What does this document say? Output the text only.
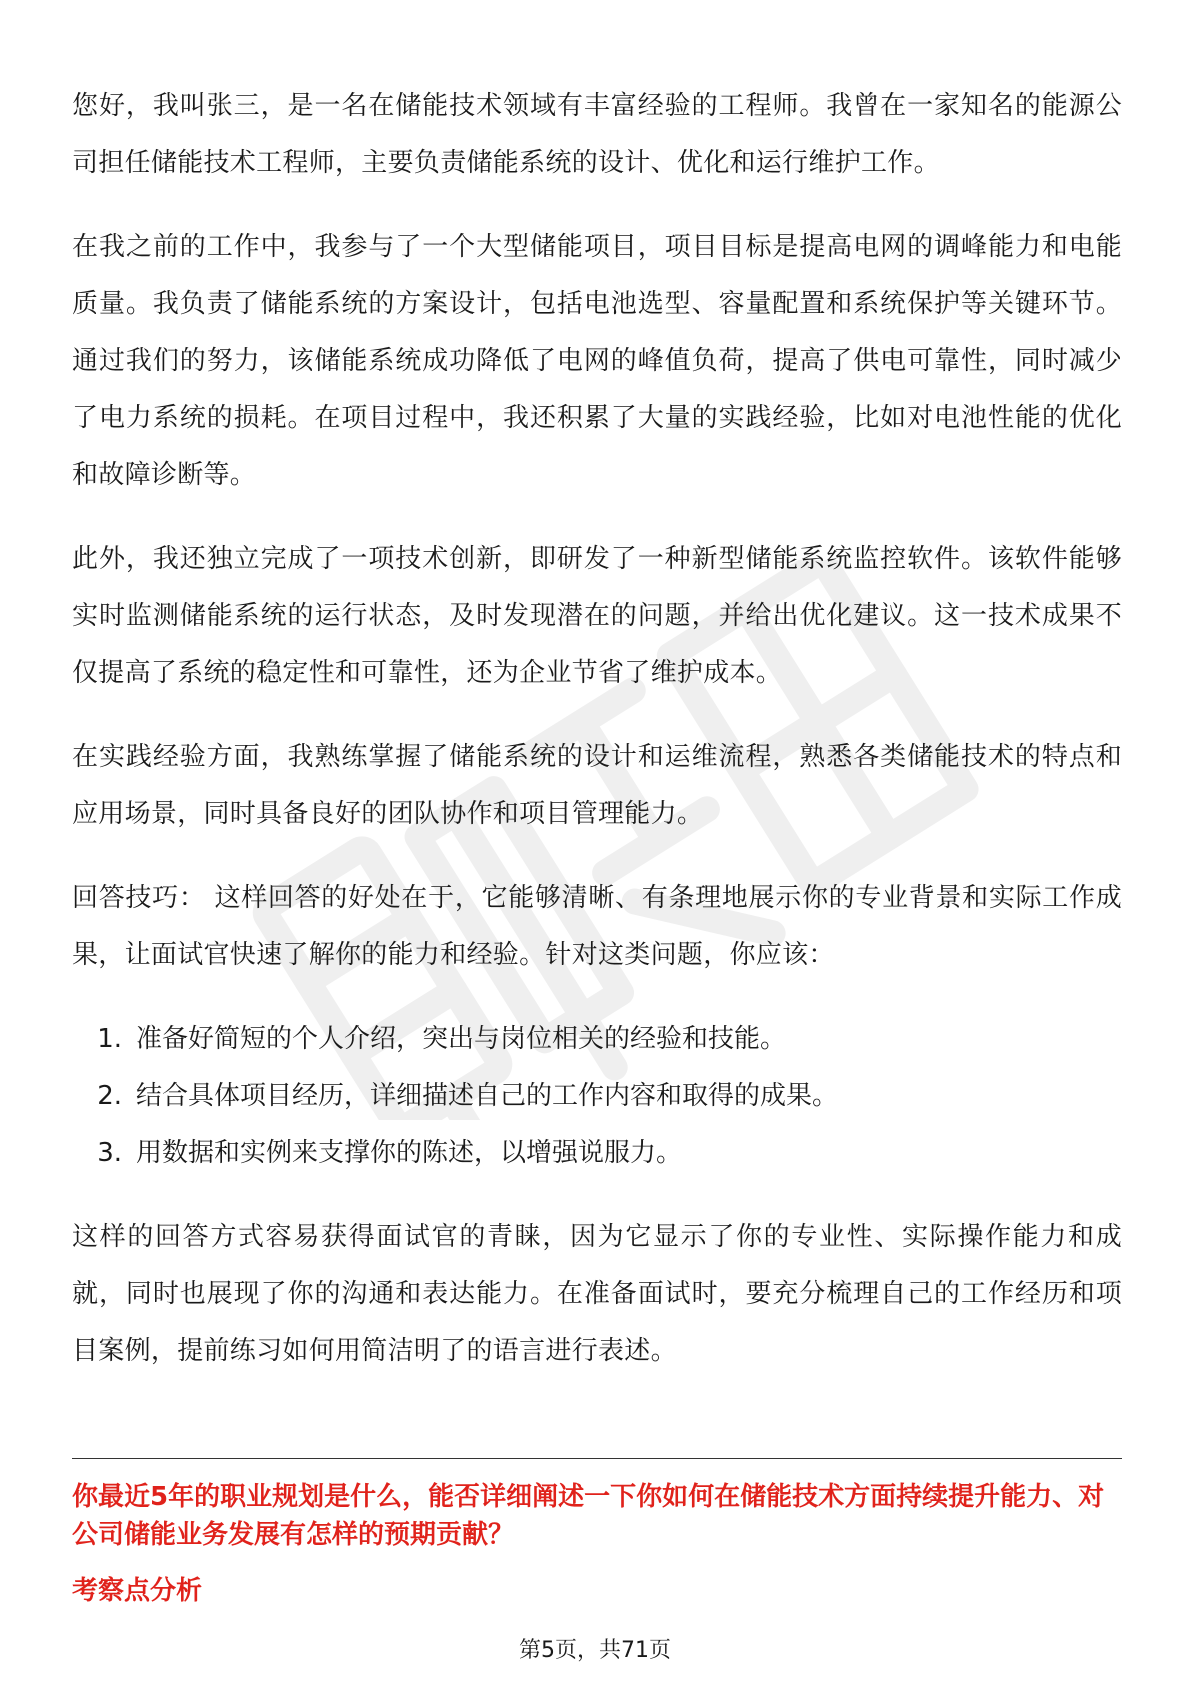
您好，我叫张三，是一名在储能技术领域有丰富经验的工程师。我曾在一家知名的能源公司担任储能技术工程师，主要负责储能系统的设计、优化和运行维护工作。

在我之前的工作中，我参与了一个大型储能项目，项目目标是提高电网的调峰能力和电能质量。我负责了储能系统的方案设计，包括电池选型、容量配置和系统保护等关键环节。通过我们的努力，该储能系统成功降低了电网的峰值负荷，提高了供电可靠性，同时减少了电力系统的损耗。在项目过程中，我还积累了大量的实践经验，比如对电池性能的优化和故障诊断等。

此外，我还独立完成了一项技术创新，即研发了一种新型储能系统监控软件。该软件能够实时监测储能系统的运行状态，及时发现潜在的问题，并给出优化建议。这一技术成果不仅提高了系统的稳定性和可靠性，还为企业节省了维护成本。

在实践经验方面，我熟练掌握了储能系统的设计和运维流程，熟悉各类储能技术的特点和应用场景，同时具备良好的团队协作和项目管理能力。

回答技巧： 这样回答的好处在于，它能够清晰、有条理地展示你的专业背景和实际工作成果，让面试官快速了解你的能力和经验。针对这类问题，你应该：

1. 准备好简短的个人介绍，突出与岗位相关的经验和技能。
2. 结合具体项目经历，详细描述自己的工作内容和取得的成果。
3. 用数据和实例来支撑你的陈述，以增强说服力。

这样的回答方式容易获得面试官的青睐，因为它显示了你的专业性、实际操作能力和成就，同时也展现了你的沟通和表达能力。在准备面试时，要充分梳理自己的工作经历和项目案例，提前练习如何用简洁明了的语言进行表述。

你最近5年的职业规划是什么，能否详细阐述一下你如何在储能技术方面持续提升能力、对公司储能业务发展有怎样的预期贡献？

考察点分析

第5页，共71页
